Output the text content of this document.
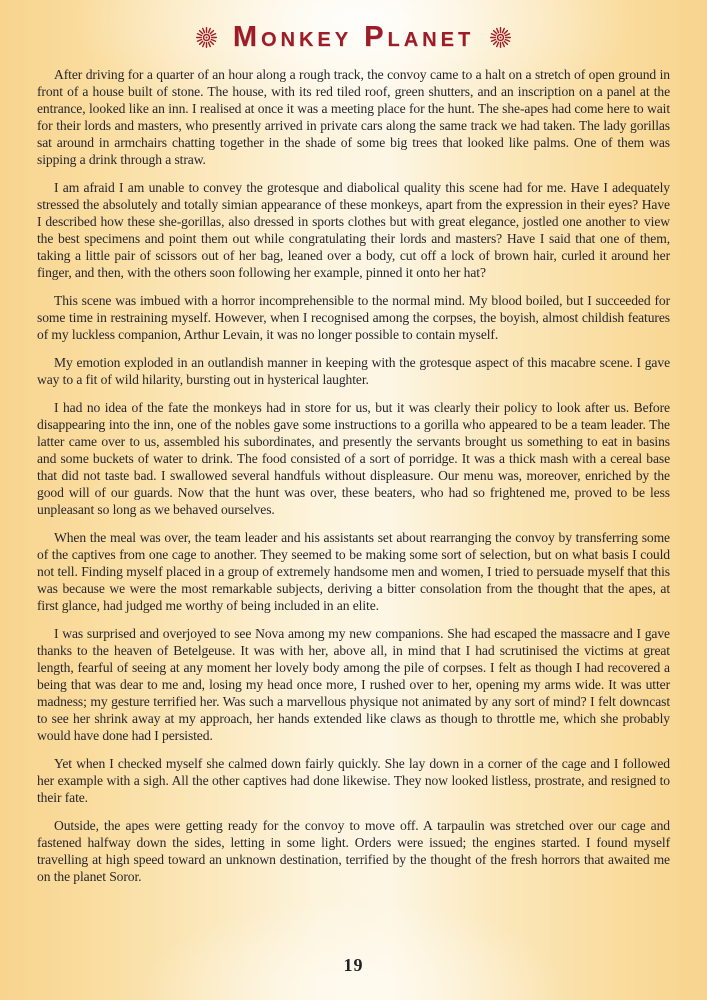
Monkey Planet

After driving for a quarter of an hour along a rough track, the convoy came to a halt on a stretch of open ground in front of a house built of stone. The house, with its red tiled roof, green shutters, and an inscription on a panel at the entrance, looked like an inn. I realised at once it was a meeting place for the hunt. The she-apes had come here to wait for their lords and masters, who presently arrived in private cars along the same track we had taken. The lady gorillas sat around in armchairs chatting together in the shade of some big trees that looked like palms. One of them was sipping a drink through a straw.

I am afraid I am unable to convey the grotesque and diabolical quality this scene had for me. Have I adequately stressed the absolutely and totally simian appearance of these monkeys, apart from the expression in their eyes? Have I described how these she-gorillas, also dressed in sports clothes but with great elegance, jostled one another to view the best specimens and point them out while congratulating their lords and masters? Have I said that one of them, taking a little pair of scissors out of her bag, leaned over a body, cut off a lock of brown hair, curled it around her finger, and then, with the others soon following her example, pinned it onto her hat?

This scene was imbued with a horror incomprehensible to the normal mind. My blood boiled, but I succeeded for some time in restraining myself. However, when I recognised among the corpses, the boyish, almost childish features of my luckless companion, Arthur Levain, it was no longer possible to contain myself.

My emotion exploded in an outlandish manner in keeping with the grotesque aspect of this macabre scene. I gave way to a fit of wild hilarity, bursting out in hysterical laughter.

I had no idea of the fate the monkeys had in store for us, but it was clearly their policy to look after us. Before disappearing into the inn, one of the nobles gave some instructions to a gorilla who appeared to be a team leader. The latter came over to us, assembled his subordinates, and presently the servants brought us something to eat in basins and some buckets of water to drink. The food consisted of a sort of porridge. It was a thick mash with a cereal base that did not taste bad. I swallowed several handfuls without displeasure. Our menu was, moreover, enriched by the good will of our guards. Now that the hunt was over, these beaters, who had so frightened me, proved to be less unpleasant so long as we behaved ourselves.

When the meal was over, the team leader and his assistants set about rearranging the convoy by transferring some of the captives from one cage to another. They seemed to be making some sort of selection, but on what basis I could not tell. Finding myself placed in a group of extremely handsome men and women, I tried to persuade myself that this was because we were the most remarkable subjects, deriving a bitter consolation from the thought that the apes, at first glance, had judged me worthy of being included in an elite.

I was surprised and overjoyed to see Nova among my new companions. She had escaped the massacre and I gave thanks to the heaven of Betelgeuse. It was with her, above all, in mind that I had scrutinised the victims at great length, fearful of seeing at any moment her lovely body among the pile of corpses. I felt as though I had recovered a being that was dear to me and, losing my head once more, I rushed over to her, opening my arms wide. It was utter madness; my gesture terrified her. Was such a marvellous physique not animated by any sort of mind? I felt downcast to see her shrink away at my approach, her hands extended like claws as though to throttle me, which she probably would have done had I persisted.

Yet when I checked myself she calmed down fairly quickly. She lay down in a corner of the cage and I followed her example with a sigh. All the other captives had done likewise. They now looked listless, prostrate, and resigned to their fate.

Outside, the apes were getting ready for the convoy to move off. A tarpaulin was stretched over our cage and fastened halfway down the sides, letting in some light. Orders were issued; the engines started. I found myself travelling at high speed toward an unknown destination, terrified by the thought of the fresh horrors that awaited me on the planet Soror.

19
